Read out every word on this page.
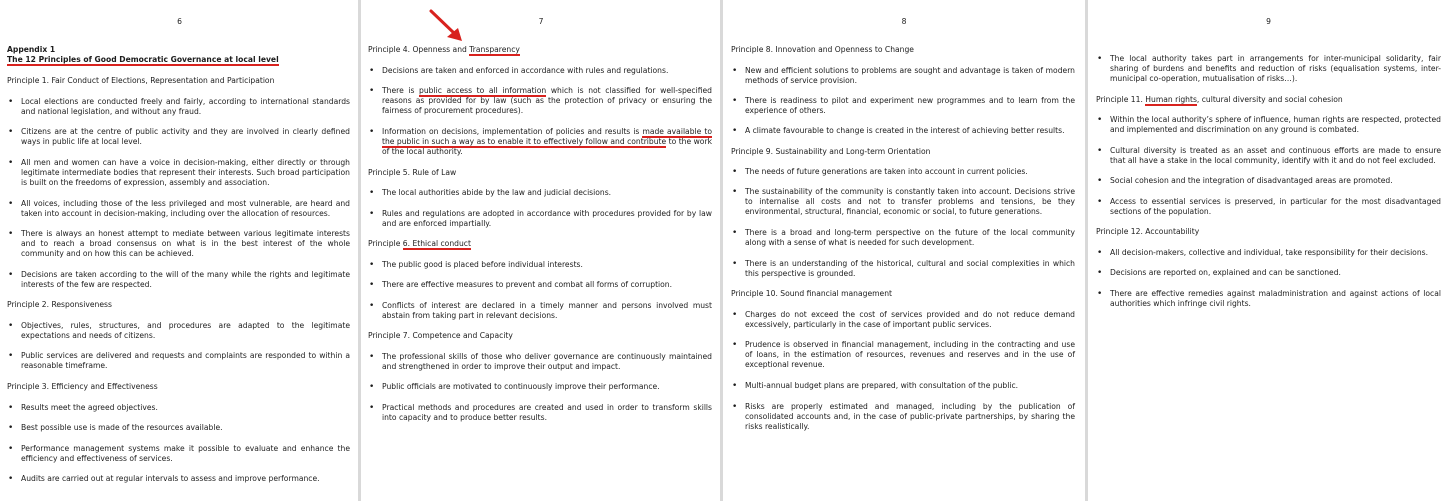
6
Appendix 1
The 12 Principles of Good Democratic Governance at local level

Principle 1. Fair Conduct of Elections, Representation and Participation

• Local elections are conducted freely and fairly, according to international standards and national legislation, and without any fraud.
• Citizens are at the centre of public activity and they are involved in clearly defined ways in public life at local level.
• All men and women can have a voice in decision-making, either directly or through legitimate intermediate bodies that represent their interests. Such broad participation is built on the freedoms of expression, assembly and association.
• All voices, including those of the less privileged and most vulnerable, are heard and taken into account in decision-making, including over the allocation of resources.
• There is always an honest attempt to mediate between various legitimate interests and to reach a broad consensus on what is in the best interest of the whole community and on how this can be achieved.
• Decisions are taken according to the will of the many while the rights and legitimate interests of the few are respected.

Principle 2. Responsiveness

• Objectives, rules, structures, and procedures are adapted to the legitimate expectations and needs of citizens.
• Public services are delivered and requests and complaints are responded to within a reasonable timeframe.

Principle 3. Efficiency and Effectiveness

• Results meet the agreed objectives.
• Best possible use is made of the resources available.
• Performance management systems make it possible to evaluate and enhance the efficiency and effectiveness of services.
• Audits are carried out at regular intervals to assess and improve performance.
7

Principle 4. Openness and Transparency

• Decisions are taken and enforced in accordance with rules and regulations.
• There is public access to all information which is not classified for well-specified reasons as provided for by law (such as the protection of privacy or ensuring the fairness of procurement procedures).
• Information on decisions, implementation of policies and results is made available to the public in such a way as to enable it to effectively follow and contribute to the work of the local authority.

Principle 5. Rule of Law

• The local authorities abide by the law and judicial decisions.
• Rules and regulations are adopted in accordance with procedures provided for by law and are enforced impartially.

Principle 6. Ethical conduct

• The public good is placed before individual interests.
• There are effective measures to prevent and combat all forms of corruption.
• Conflicts of interest are declared in a timely manner and persons involved must abstain from taking part in relevant decisions.

Principle 7. Competence and Capacity

• The professional skills of those who deliver governance are continuously maintained and strengthened in order to improve their output and impact.
• Public officials are motivated to continuously improve their performance.
• Practical methods and procedures are created and used in order to transform skills into capacity and to produce better results.
8

Principle 8. Innovation and Openness to Change

• New and efficient solutions to problems are sought and advantage is taken of modern methods of service provision.
• There is readiness to pilot and experiment new programmes and to learn from the experience of others.
• A climate favourable to change is created in the interest of achieving better results.

Principle 9. Sustainability and Long-term Orientation

• The needs of future generations are taken into account in current policies.
• The sustainability of the community is constantly taken into account. Decisions strive to internalise all costs and not to transfer problems and tensions, be they environmental, structural, financial, economic or social, to future generations.
• There is a broad and long-term perspective on the future of the local community along with a sense of what is needed for such development.
• There is an understanding of the historical, cultural and social complexities in which this perspective is grounded.

Principle 10. Sound financial management

• Charges do not exceed the cost of services provided and do not reduce demand excessively, particularly in the case of important public services.
• Prudence is observed in financial management, including in the contracting and use of loans, in the estimation of resources, revenues and reserves and in the use of exceptional revenue.
• Multi-annual budget plans are prepared, with consultation of the public.
• Risks are properly estimated and managed, including by the publication of consolidated accounts and, in the case of public-private partnerships, by sharing the risks realistically.
9
• The local authority takes part in arrangements for inter-municipal solidarity, fair sharing of burdens and benefits and reduction of risks (equalisation systems, inter-municipal co-operation, mutualisation of risks…).

Principle 11. Human rights, cultural diversity and social cohesion

• Within the local authority’s sphere of influence, human rights are respected, protected and implemented and discrimination on any ground is combated.
• Cultural diversity is treated as an asset and continuous efforts are made to ensure that all have a stake in the local community, identify with it and do not feel excluded.
• Social cohesion and the integration of disadvantaged areas are promoted.
• Access to essential services is preserved, in particular for the most disadvantaged sections of the population.

Principle 12. Accountability

• All decision-makers, collective and individual, take responsibility for their decisions.
• Decisions are reported on, explained and can be sanctioned.
• There are effective remedies against maladministration and against actions of local authorities which infringe civil rights.
